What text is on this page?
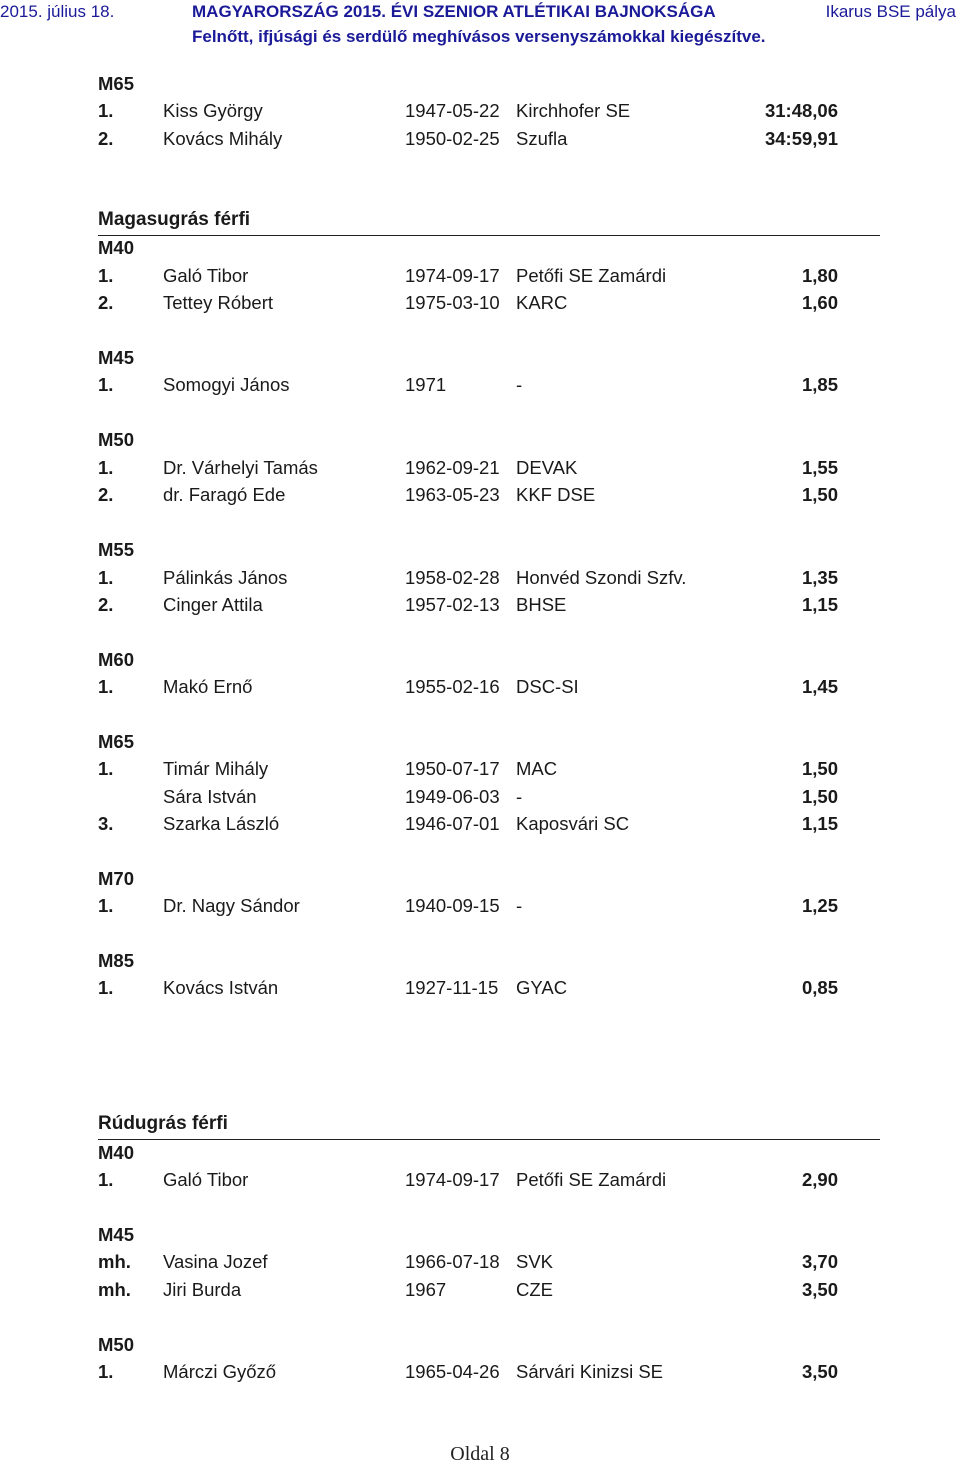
2015. július 18.	MAGYARORSZÁG 2015. ÉVI SZENIOR ATLÉTIKAI BAJNOKSÁGA	Ikarus BSE pálya
Felnőtt, ifjúsági és serdülő meghívásos versenyszámokkal kiegészítve.
M65
1.	Kiss György	1947-05-22 Kirchhofer SE	31:48,06
2.	Kovács Mihály	1950-02-25 Szufla	34:59,91
Magasugrás férfi
M40
1.	Galó Tibor	1974-09-17 Petőfi SE Zamárdi	1,80
2.	Tettey Róbert	1975-03-10 KARC	1,60
M45
1.	Somogyi János	1971	-	1,85
M50
1.	Dr. Várhelyi Tamás	1962-09-21 DEVAK	1,55
2.	dr. Faragó Ede	1963-05-23 KKF DSE	1,50
M55
1.	Pálinkás János	1958-02-28 Honvéd Szondi Szfv.	1,35
2.	Cinger Attila	1957-02-13 BHSE	1,15
M60
1.	Makó Ernő	1955-02-16 DSC-SI	1,45
M65
1.	Timár Mihály	1950-07-17 MAC	1,50
Sára István	1949-06-03 -	1,50
3.	Szarka László	1946-07-01 Kaposvári SC	1,15
M70
1.	Dr. Nagy Sándor	1940-09-15 -	1,25
M85
1.	Kovács István	1927-11-15 GYAC	0,85
Rúdugrás férfi
M40
1.	Galó Tibor	1974-09-17 Petőfi SE Zamárdi	2,90
M45
mh. Vasina Jozef	1966-07-18 SVK	3,70
mh. Jiri Burda	1967	CZE	3,50
M50
1.	Márczi Győző	1965-04-26 Sárvári Kinizsi SE	3,50
Oldal 8
